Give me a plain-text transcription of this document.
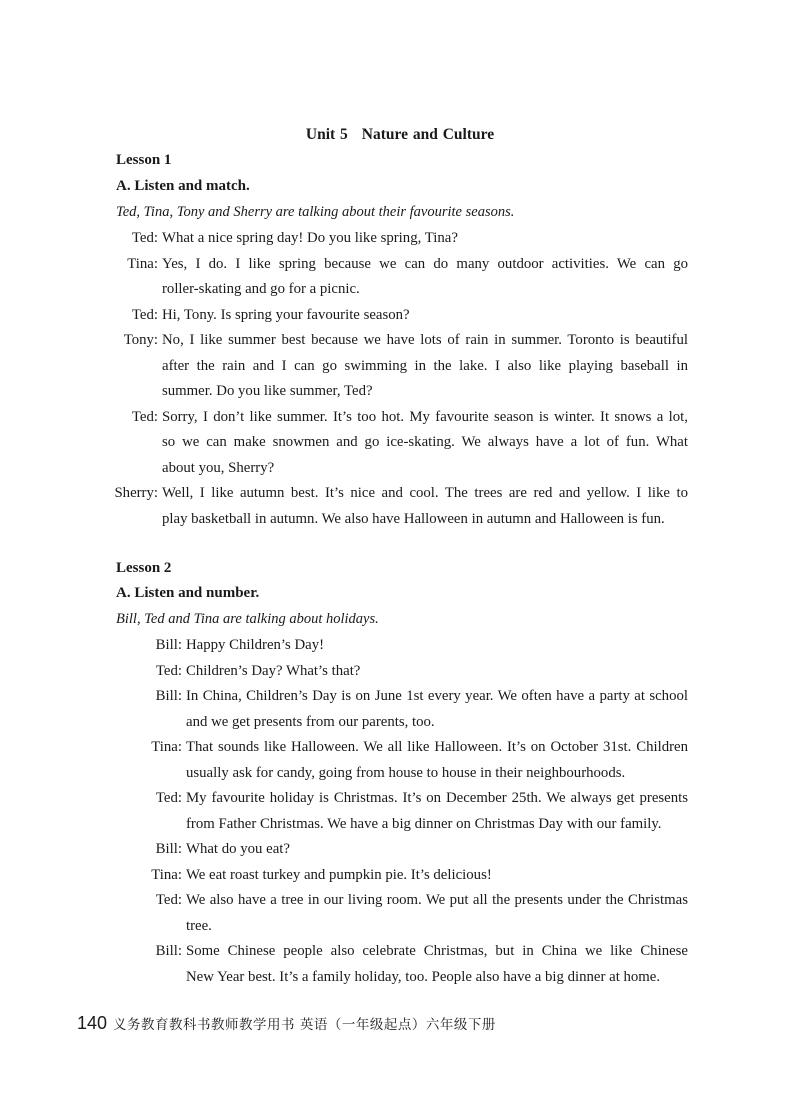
Unit 5 Nature and Culture
Lesson 1
A. Listen and match.
Ted, Tina, Tony and Sherry are talking about their favourite seasons.
Ted: What a nice spring day! Do you like spring, Tina?
Tina: Yes, I do. I like spring because we can do many outdoor activities. We can go
roller-skating and go for a picnic.
Ted: Hi, Tony. Is spring your favourite season?
Tony: No, I like summer best because we have lots of rain in summer. Toronto is beautiful
after the rain and I can go swimming in the lake. I also like playing baseball in
summer. Do you like summer, Ted?
Ted: Sorry, I don’t like summer. It’s too hot. My favourite season is winter. It snows a lot,
so we can make snowmen and go ice-skating. We always have a lot of fun. What
about you, Sherry?
Sherry: Well, I like autumn best. It’s nice and cool. The trees are red and yellow. I like to
play basketball in autumn. We also have Halloween in autumn and Halloween is fun.
Lesson 2
A. Listen and number.
Bill, Ted and Tina are talking about holidays.
Bill: Happy Children’s Day!
Ted: Children’s Day? What’s that?
Bill: In China, Children’s Day is on June 1st every year. We often have a party at school
and we get presents from our parents, too.
Tina: That sounds like Halloween. We all like Halloween. It’s on October 31st. Children
usually ask for candy, going from house to house in their neighbourhoods.
Ted: My favourite holiday is Christmas. It’s on December 25th. We always get presents
from Father Christmas. We have a big dinner on Christmas Day with our family.
Bill: What do you eat?
Tina: We eat roast turkey and pumpkin pie. It’s delicious!
Ted: We also have a tree in our living room. We put all the presents under the Christmas
tree.
Bill: Some Chinese people also celebrate Christmas, but in China we like Chinese
New Year best. It’s a family holiday, too. People also have a big dinner at home.
140 义务教育教科书教师教学用书 英语（一年级起点）六年级下册
